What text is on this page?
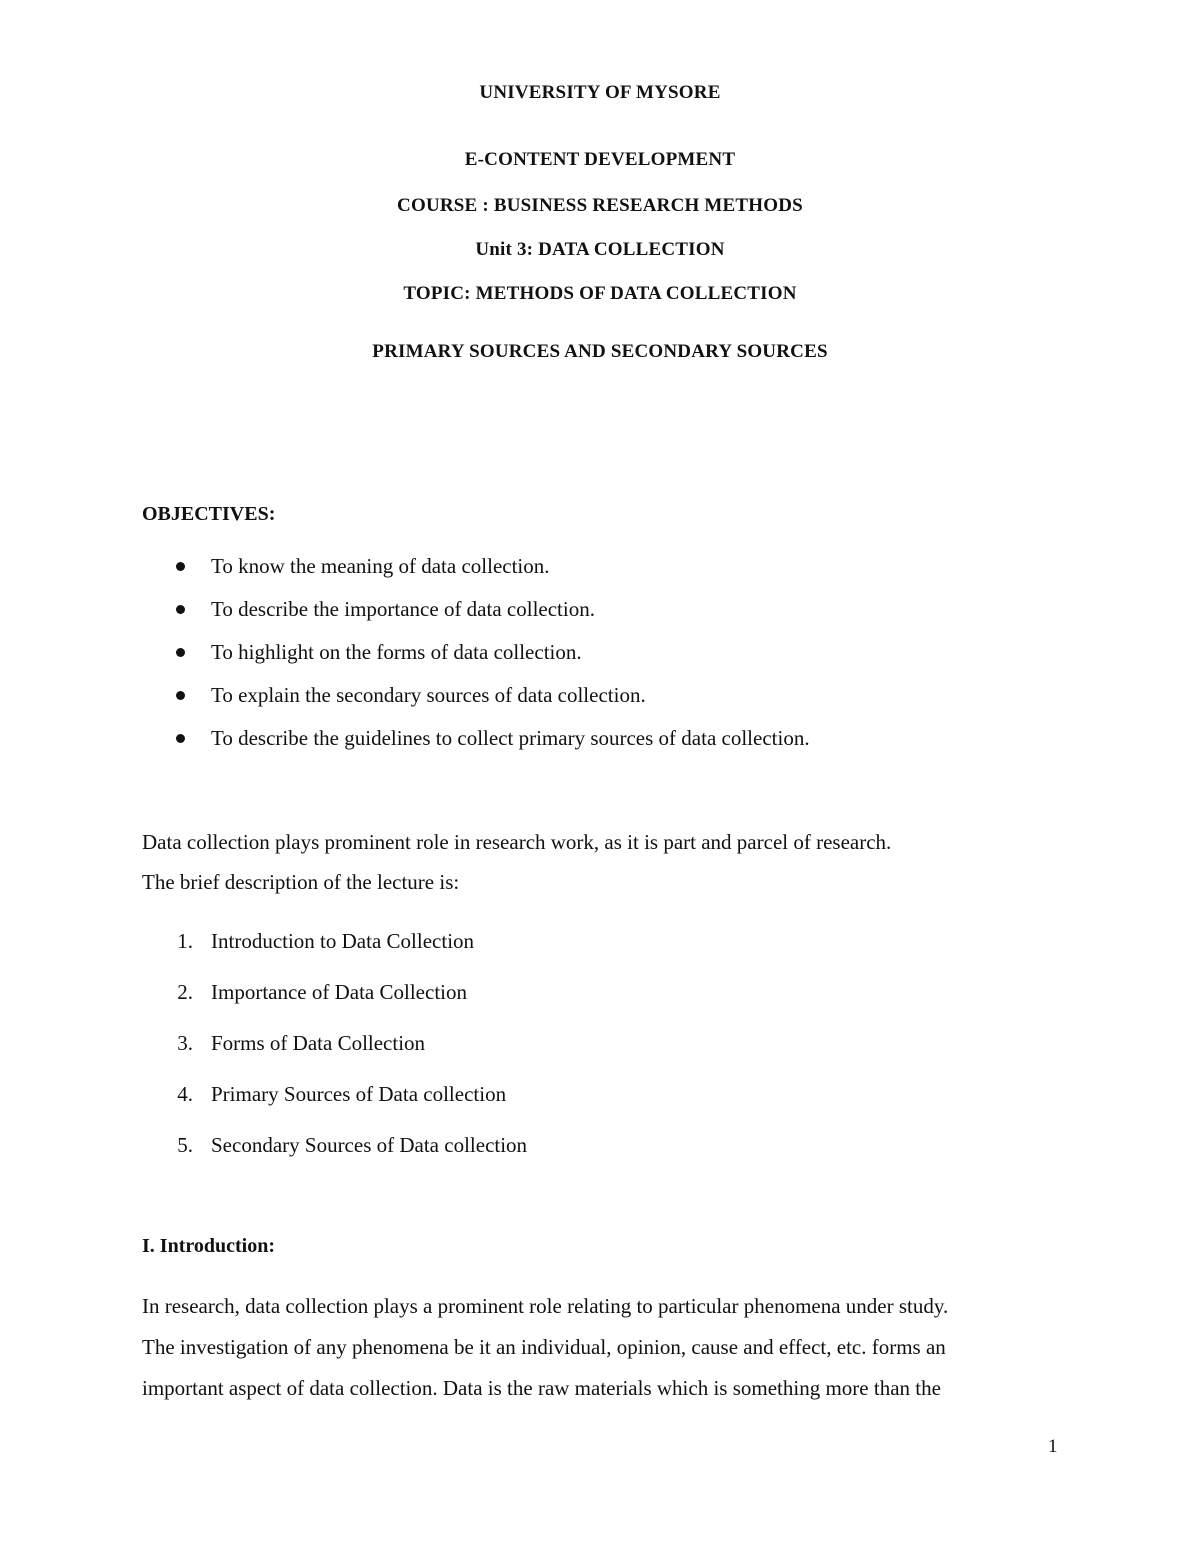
UNIVERSITY OF MYSORE
E-CONTENT DEVELOPMENT
COURSE : BUSINESS RESEARCH METHODS
Unit 3: DATA COLLECTION
TOPIC: METHODS OF DATA COLLECTION
PRIMARY SOURCES AND SECONDARY SOURCES
OBJECTIVES:
To know the meaning of data collection.
To describe the importance of data collection.
To highlight on the forms of data collection.
To explain the secondary sources of data collection.
To describe the guidelines to collect primary sources of data collection.
Data collection plays prominent role in research work, as it is part and parcel of research.
The brief description of the lecture is:
1. Introduction to Data Collection
2. Importance of Data Collection
3. Forms of Data Collection
4. Primary Sources of Data collection
5. Secondary Sources of Data collection
I. Introduction:
In research, data collection plays a prominent role relating to particular phenomena under study.
The investigation of any phenomena be it an individual, opinion, cause and effect, etc. forms an
important aspect of data collection. Data is the raw materials which is something more than the
1
